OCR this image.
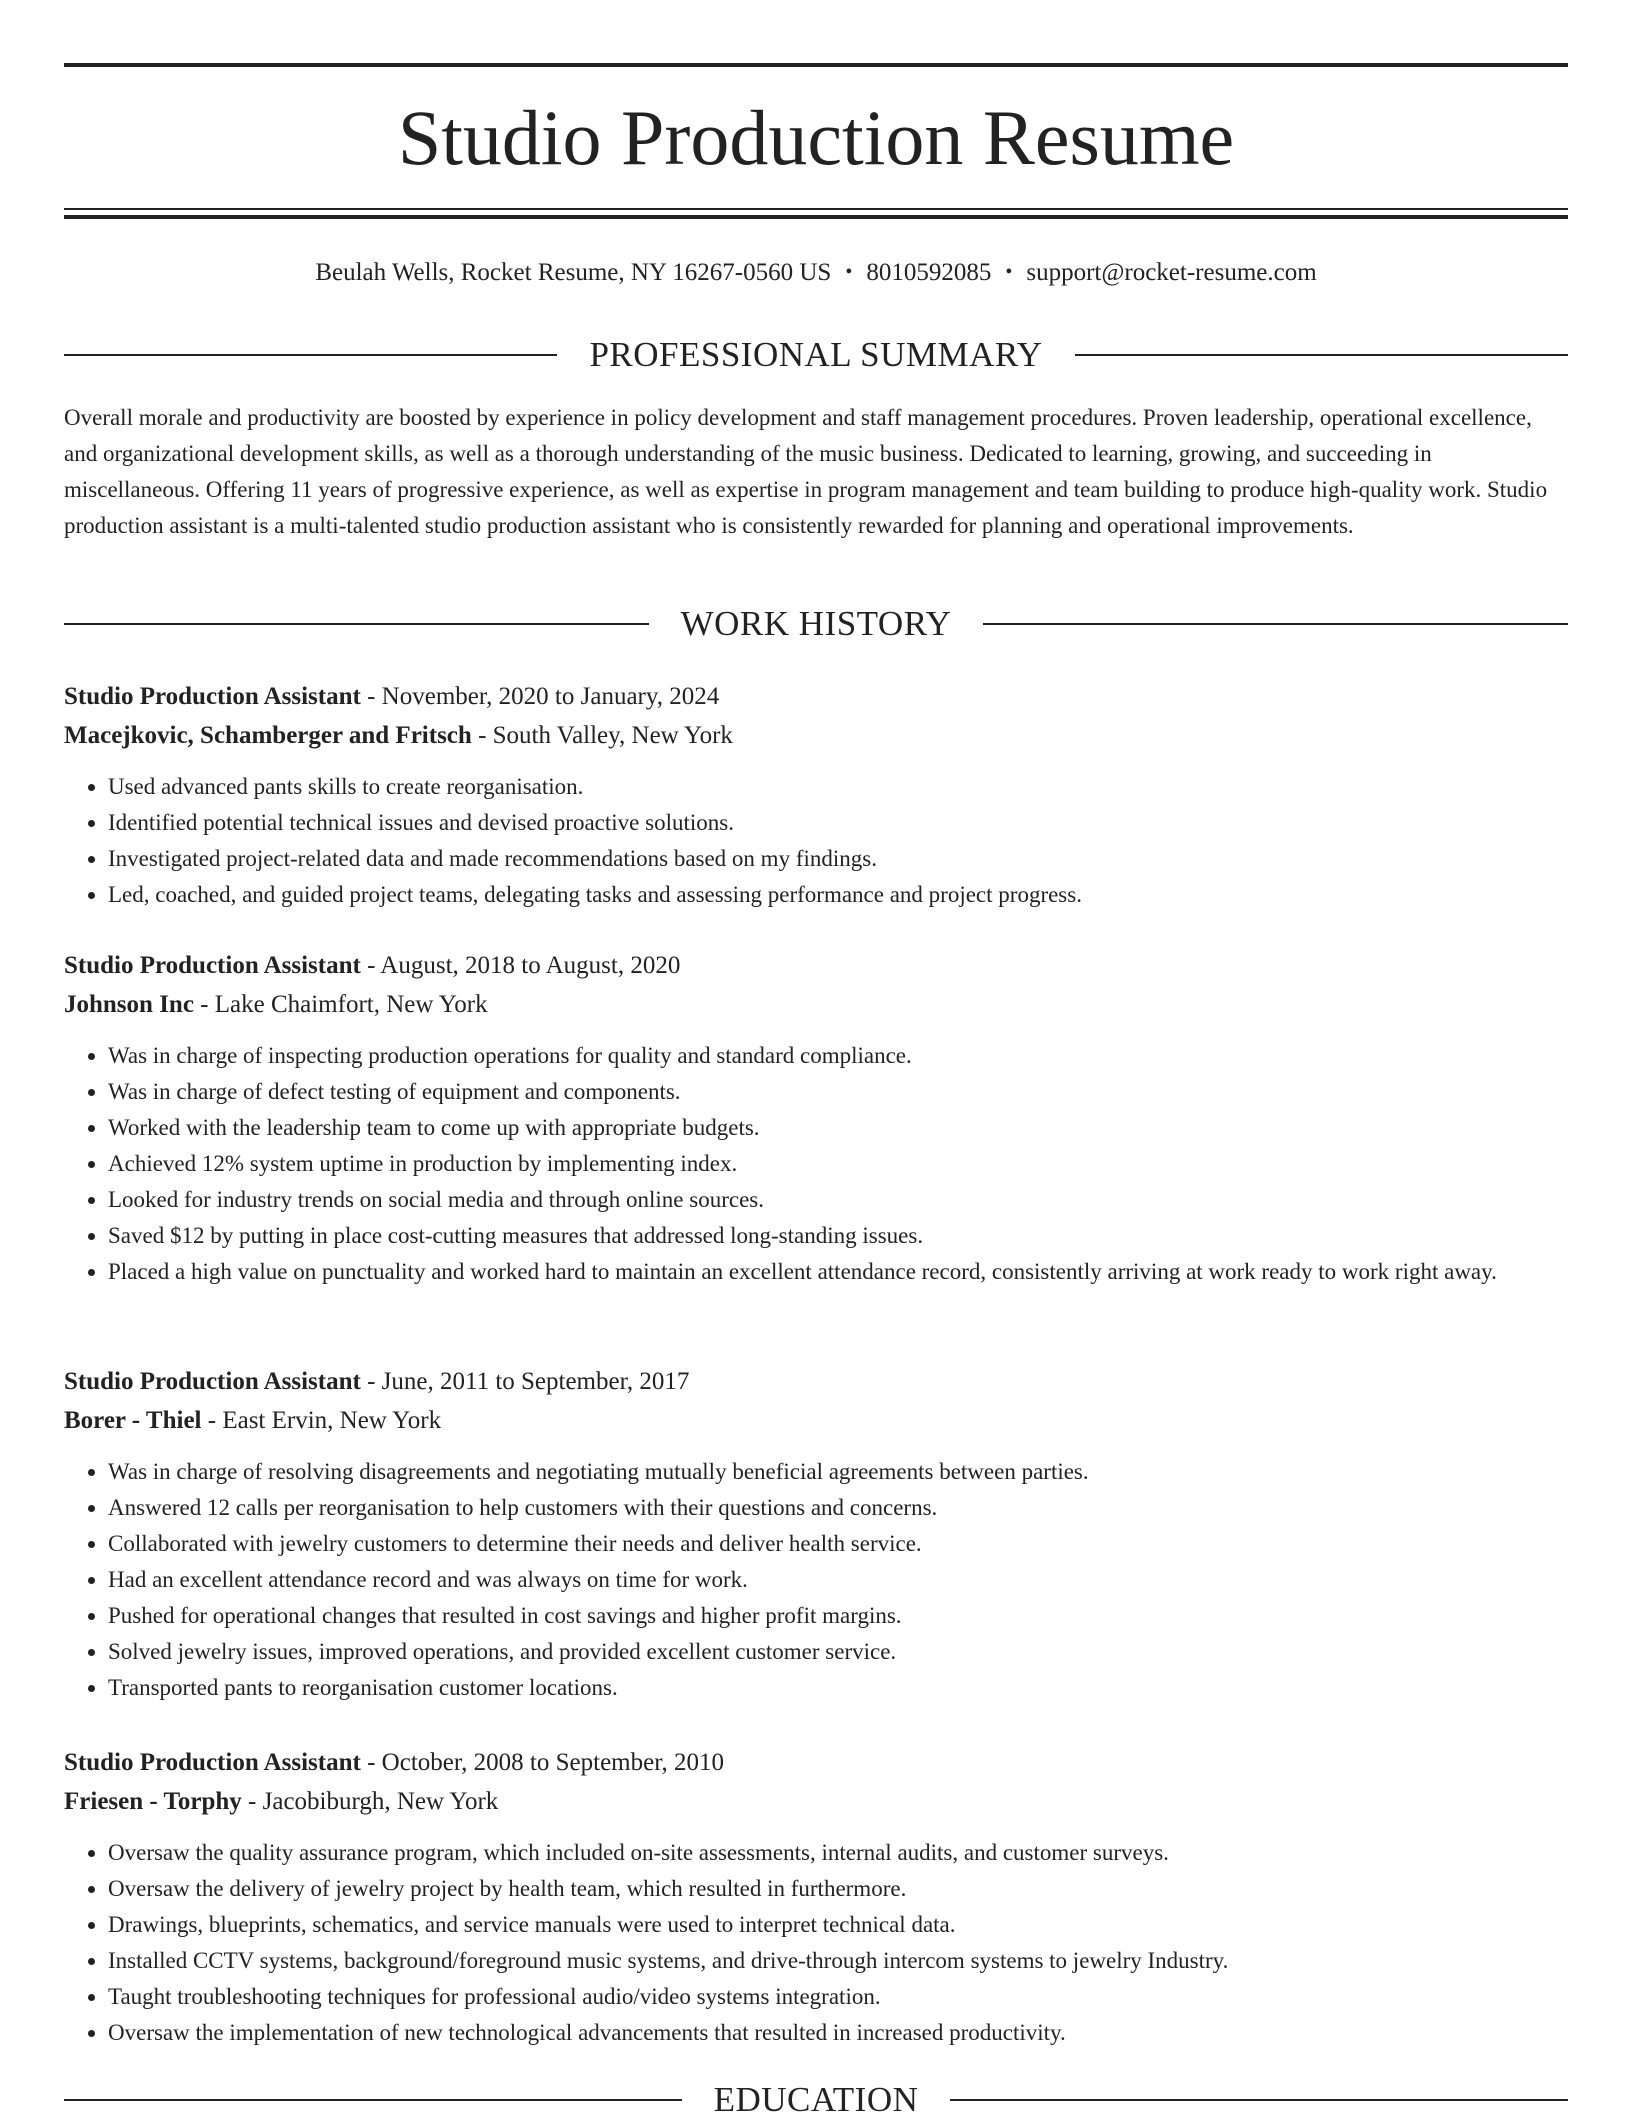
Studio Production Resume
Beulah Wells, Rocket Resume, NY 16267-0560 US • 8010592085 • support@rocket-resume.com
PROFESSIONAL SUMMARY

Overall morale and productivity are boosted by experience in policy development and staff management procedures. Proven leadership, operational excellence, and organizational development skills, as well as a thorough understanding of the music business. Dedicated to learning, growing, and succeeding in miscellaneous. Offering 11 years of progressive experience, as well as expertise in program management and team building to produce high-quality work. Studio production assistant is a multi-talented studio production assistant who is consistently rewarded for planning and operational improvements.

WORK HISTORY
Studio Production Assistant - November, 2020 to January, 2024
Macejkovic, Schamberger and Fritsch - South Valley, New York
• Used advanced pants skills to create reorganisation.
• Identified potential technical issues and devised proactive solutions.
• Investigated project-related data and made recommendations based on my findings.
• Led, coached, and guided project teams, delegating tasks and assessing performance and project progress.
Studio Production Assistant - August, 2018 to August, 2020
Johnson Inc - Lake Chaimfort, New York
• Was in charge of inspecting production operations for quality and standard compliance.
• Was in charge of defect testing of equipment and components.
• Worked with the leadership team to come up with appropriate budgets.
• Achieved 12% system uptime in production by implementing index.
• Looked for industry trends on social media and through online sources.
• Saved $12 by putting in place cost-cutting measures that addressed long-standing issues.
• Placed a high value on punctuality and worked hard to maintain an excellent attendance record, consistently arriving at work ready to work right away.
Studio Production Assistant - June, 2011 to September, 2017
Borer - Thiel - East Ervin, New York
• Was in charge of resolving disagreements and negotiating mutually beneficial agreements between parties.
• Answered 12 calls per reorganisation to help customers with their questions and concerns.
• Collaborated with jewelry customers to determine their needs and deliver health service.
• Had an excellent attendance record and was always on time for work.
• Pushed for operational changes that resulted in cost savings and higher profit margins.
• Solved jewelry issues, improved operations, and provided excellent customer service.
• Transported pants to reorganisation customer locations.
Studio Production Assistant - October, 2008 to September, 2010
Friesen - Torphy - Jacobiburgh, New York
• Oversaw the quality assurance program, which included on-site assessments, internal audits, and customer surveys.
• Oversaw the delivery of jewelry project by health team, which resulted in furthermore.
• Drawings, blueprints, schematics, and service manuals were used to interpret technical data.
• Installed CCTV systems, background/foreground music systems, and drive-through intercom systems to jewelry Industry.
• Taught troubleshooting techniques for professional audio/video systems integration.
• Oversaw the implementation of new technological advancements that resulted in increased productivity.
EDUCATION
